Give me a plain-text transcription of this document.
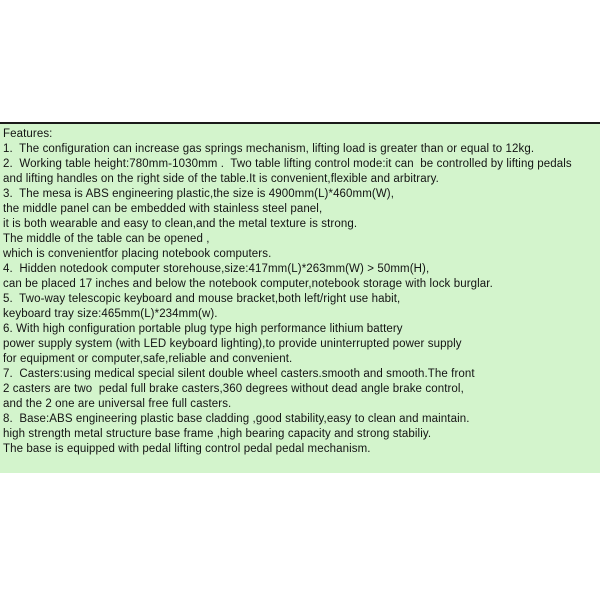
Features:
1.  The configuration can increase gas springs mechanism, lifting load is greater than or equal to 12kg.
2.  Working table height:780mm-1030mm .  Two table lifting control mode:it can  be controlled by lifting pedals
and lifting handles on the right side of the table.It is convenient,flexible and arbitrary.
3.  The mesa is ABS engineering plastic,the size is 4900mm(L)*460mm(W),
the middle panel can be embedded with stainless steel panel,
it is both wearable and easy to clean,and the metal texture is strong.
The middle of the table can be opened ,
which is convenientfor placing notebook computers.
4.  Hidden notedook computer storehouse,size:417mm(L)*263mm(W) > 50mm(H),
can be placed 17 inches and below the notebook computer,notebook storage with lock burglar.
5.  Two-way telescopic keyboard and mouse bracket,both left/right use habit,
keyboard tray size:465mm(L)*234mm(w).
6. With high configuration portable plug type high performance lithium battery
power supply system (with LED keyboard lighting),to provide uninterrupted power supply
for equipment or computer,safe,reliable and convenient.
7.  Casters:using medical special silent double wheel casters.smooth and smooth.The front
2 casters are two  pedal full brake casters,360 degrees without dead angle brake control,
and the 2 one are universal free full casters.
8.  Base:ABS engineering plastic base cladding ,good stability,easy to clean and maintain.
high strength metal structure base frame ,high bearing capacity and strong stabiliy.
The base is equipped with pedal lifting control pedal pedal mechanism.
